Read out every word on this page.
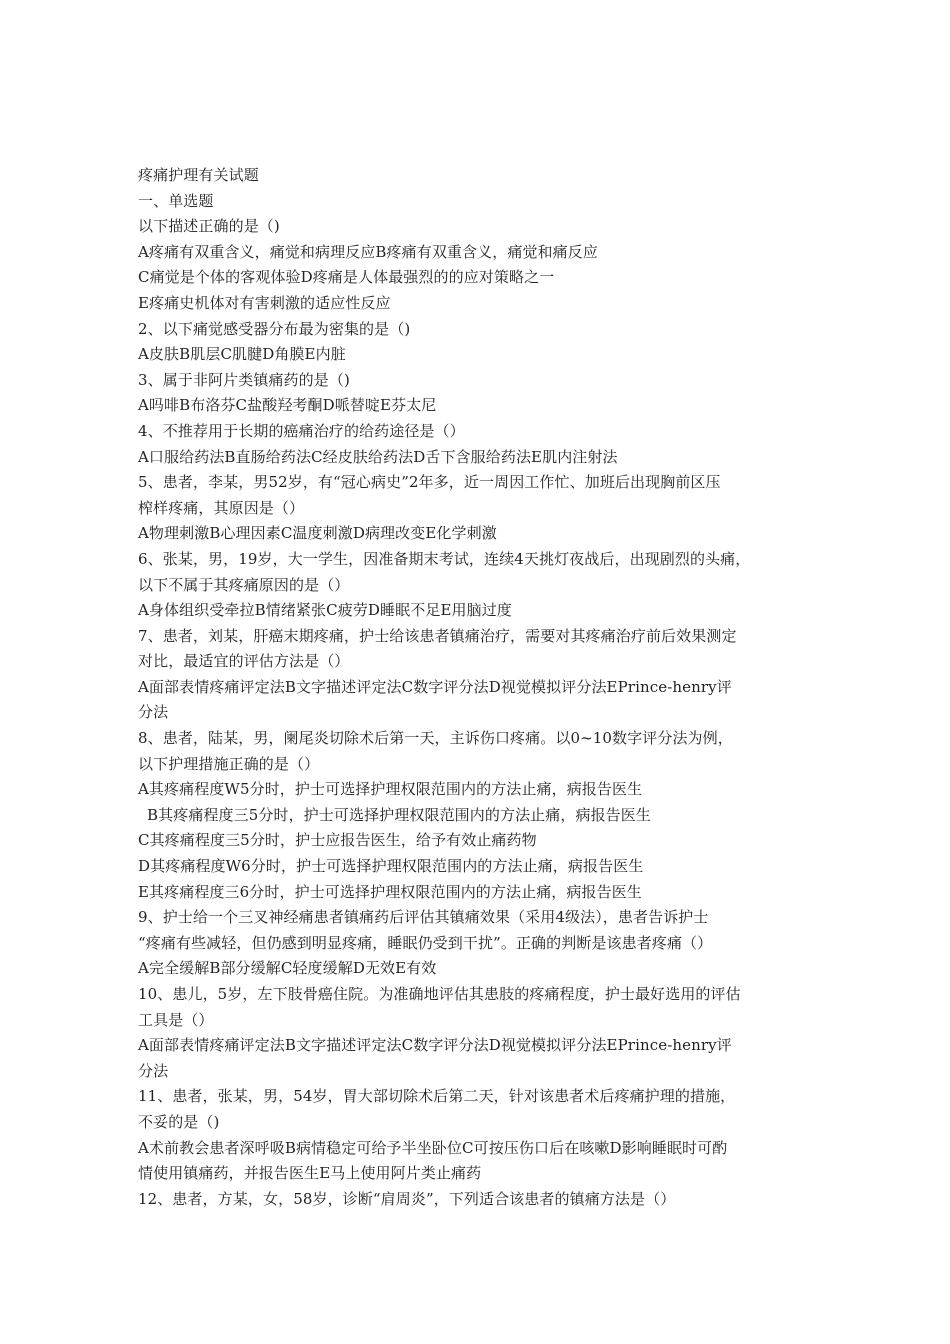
疼痛护理有关试题
一、单选题
以下描述正确的是（)
A疼痛有双重含义，痛觉和病理反应B疼痛有双重含义，痛觉和痛反应
C痛觉是个体的客观体验D疼痛是人体最强烈的的应对策略之一
E疼痛史机体对有害刺激的适应性反应
2、以下痛觉感受器分布最为密集的是（)
A皮肤B肌层C肌腱D角膜E内脏
3、属于非阿片类镇痛药的是（)
A吗啡B布洛芬C盐酸羟考酮D哌替啶E芬太尼
4、不推荐用于长期的癌痛治疗的给药途径是（）
A口服给药法B直肠给药法C经皮肤给药法D舌下含服给药法E肌内注射法
5、患者，李某，男52岁，有“冠心病史”2年多，近一周因工作忙、加班后出现胸前区压
榨样疼痛，其原因是（）
A物理刺激B心理因素C温度刺激D病理改变E化学刺激
6、张某，男，19岁，大一学生，因准备期末考试，连续4天挑灯夜战后，出现剧烈的头痛，
以下不属于其疼痛原因的是（）
A身体组织受牵拉B情绪紧张C疲劳D睡眠不足E用脑过度
7、患者，刘某，肝癌末期疼痛，护士给该患者镇痛治疗，需要对其疼痛治疗前后效果测定
对比，最适宜的评估方法是（）
A面部表情疼痛评定法B文字描述评定法C数字评分法D视觉模拟评分法EPrince-henry评
分法
8、患者，陆某，男，阑尾炎切除术后第一天，主诉伤口疼痛。以0~10数字评分法为例，
以下护理措施正确的是（）
A其疼痛程度W5分时，护士可选择护理权限范围内的方法止痛，病报告医生
B其疼痛程度三5分时，护士可选择护理权限范围内的方法止痛，病报告医生
C其疼痛程度三5分时，护士应报告医生，给予有效止痛药物
D其疼痛程度W6分时，护士可选择护理权限范围内的方法止痛，病报告医生
E其疼痛程度三6分时，护士可选择护理权限范围内的方法止痛，病报告医生
9、护士给一个三叉神经痛患者镇痛药后评估其镇痛效果（采用4级法），患者告诉护士
“疼痛有些减轻，但仍感到明显疼痛，睡眠仍受到干扰”。正确的判断是该患者疼痛（）
A完全缓解B部分缓解C轻度缓解D无效E有效
10、患儿，5岁，左下肢骨癌住院。为准确地评估其患肢的疼痛程度，护士最好选用的评估
工具是（）
A面部表情疼痛评定法B文字描述评定法C数字评分法D视觉模拟评分法EPrince-henry评
分法
11、患者，张某，男，54岁，胃大部切除术后第二天，针对该患者术后疼痛护理的措施，
不妥的是（)
A术前教会患者深呼吸B病情稳定可给予半坐卧位C可按压伤口后在咳嗽D影响睡眠时可酌
情使用镇痛药，并报告医生E马上使用阿片类止痛药
12、患者，方某，女，58岁，诊断“肩周炎”，下列适合该患者的镇痛方法是（）
